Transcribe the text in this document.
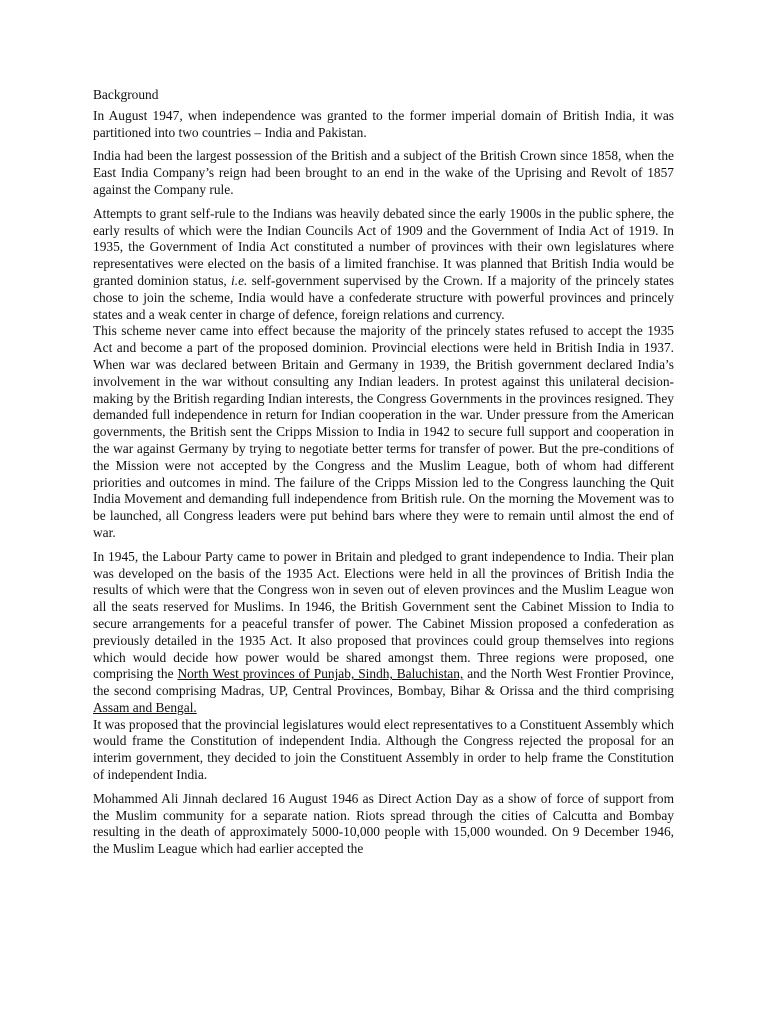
Background

In August 1947, when independence was granted to the former imperial domain of British India, it was partitioned into two countries – India and Pakistan.

India had been the largest possession of the British and a subject of the British Crown since 1858, when the East India Company’s reign had been brought to an end in the wake of the Uprising and Revolt of 1857 against the Company rule.

Attempts to grant self-rule to the Indians was heavily debated since the early 1900s in the public sphere, the early results of which were the Indian Councils Act of 1909 and the Government of India Act of 1919. In 1935, the Government of India Act constituted a number of provinces with their own legislatures where representatives were elected on the basis of a limited franchise. It was planned that British India would be granted dominion status, i.e. self-government supervised by the Crown. If a majority of the princely states chose to join the scheme, India would have a confederate structure with powerful provinces and princely states and a weak center in charge of defence, foreign relations and currency.

This scheme never came into effect because the majority of the princely states refused to accept the 1935 Act and become a part of the proposed dominion. Provincial elections were held in British India in 1937. When war was declared between Britain and Germany in 1939, the British government declared India’s involvement in the war without consulting any Indian leaders. In protest against this unilateral decision-making by the British regarding Indian interests, the Congress Governments in the provinces resigned. They demanded full independence in return for Indian cooperation in the war. Under pressure from the American governments, the British sent the Cripps Mission to India in 1942 to secure full support and cooperation in the war against Germany by trying to negotiate better terms for transfer of power. But the pre-conditions of the Mission were not accepted by the Congress and the Muslim League, both of whom had different priorities and outcomes in mind. The failure of the Cripps Mission led to the Congress launching the Quit India Movement and demanding full independence from British rule. On the morning the Movement was to be launched, all Congress leaders were put behind bars where they were to remain until almost the end of war.

In 1945, the Labour Party came to power in Britain and pledged to grant independence to India. Their plan was developed on the basis of the 1935 Act. Elections were held in all the provinces of British India the results of which were that the Congress won in seven out of eleven provinces and the Muslim League won all the seats reserved for Muslims. In 1946, the British Government sent the Cabinet Mission to India to secure arrangements for a peaceful transfer of power. The Cabinet Mission proposed a confederation as previously detailed in the 1935 Act. It also proposed that provinces could group themselves into regions which would decide how power would be shared amongst them. Three regions were proposed, one comprising the North West provinces of Punjab, Sindh, Baluchistan, and the North West Frontier Province, the second comprising Madras, UP, Central Provinces, Bombay, Bihar & Orissa and the third comprising Assam and Bengal.

It was proposed that the provincial legislatures would elect representatives to a Constituent Assembly which would frame the Constitution of independent India. Although the Congress rejected the proposal for an interim government, they decided to join the Constituent Assembly in order to help frame the Constitution of independent India.

Mohammed Ali Jinnah declared 16 August 1946 as Direct Action Day as a show of force of support from the Muslim community for a separate nation. Riots spread through the cities of Calcutta and Bombay resulting in the death of approximately 5000-10,000 people with 15,000 wounded. On 9 December 1946, the Muslim League which had earlier accepted the
